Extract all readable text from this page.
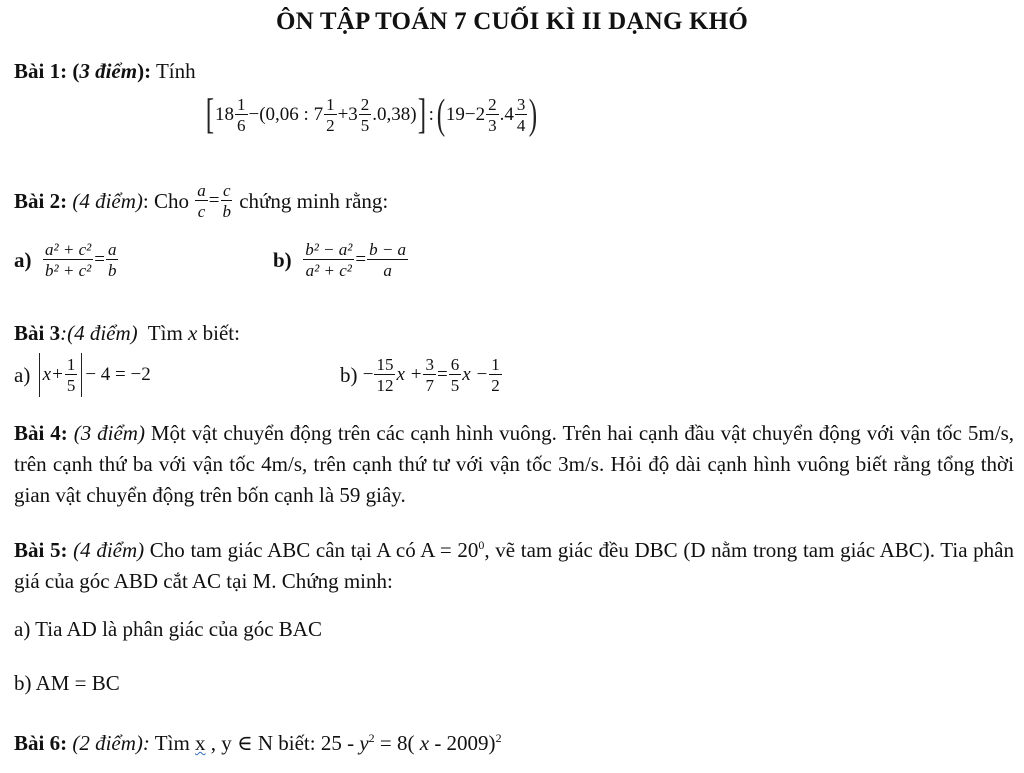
ÔN TẬP TOÁN 7 CUỐI KÌ II DẠNG KHÓ
Bài 1: (3 điểm): Tính
[ $18 \frac{1}{6} -(0,06$ : $7 \frac{1}{2} +3 \frac{2}{5} .0,38$) ] : ( $19-2 \frac{2}{3} .4 \frac{3}{4}$ )
Bài 2:
(4 điểm) : Cho
$\frac{a}{c} = \frac{c}{b}$
chứng minh rằng:
a)
$\frac{\text{a² + c²}}{\text{b² + c²}} = \frac{a}{b}$	b)
$\frac{\text{b² − a²}}{\text{a² + c²}} = \frac{b - a}{a}$
Bài 3:(4 điểm)  Tìm x biết:
a)
$x+ \frac{1}{5} - 4 = -2$	b)
− $\frac{15}{12}$ $x + \frac{3}{7} = \frac{6}{5}$ $x - \frac{1}{2}$
Bài 4: (3 điểm) Một vật chuyển động trên các cạnh hình vuông. Trên hai cạnh đầu vật chuyển động với vận tốc 5m/s, trên cạnh thứ ba với vận tốc 4m/s, trên cạnh thứ tư với vận tốc 3m/s. Hỏi độ dài cạnh hình vuông biết rằng tổng thời gian vật chuyển động trên bốn cạnh là 59 giây.
Bài 5: (4 điểm) Cho tam giác ABC cân tại A có $A = 20^0$, vẽ tam giác đều DBC (D nằm trong tam giác ABC). Tia phân giá của góc ABD cắt AC tại M. Chứng minh:
a) Tia AD là phân giác của góc BAC
b) AM = BC
Bài 6: (2 điểm): Tìm x , y ∈ N biết: $25 - y^2 = 8$( x - 2009)$^2$
